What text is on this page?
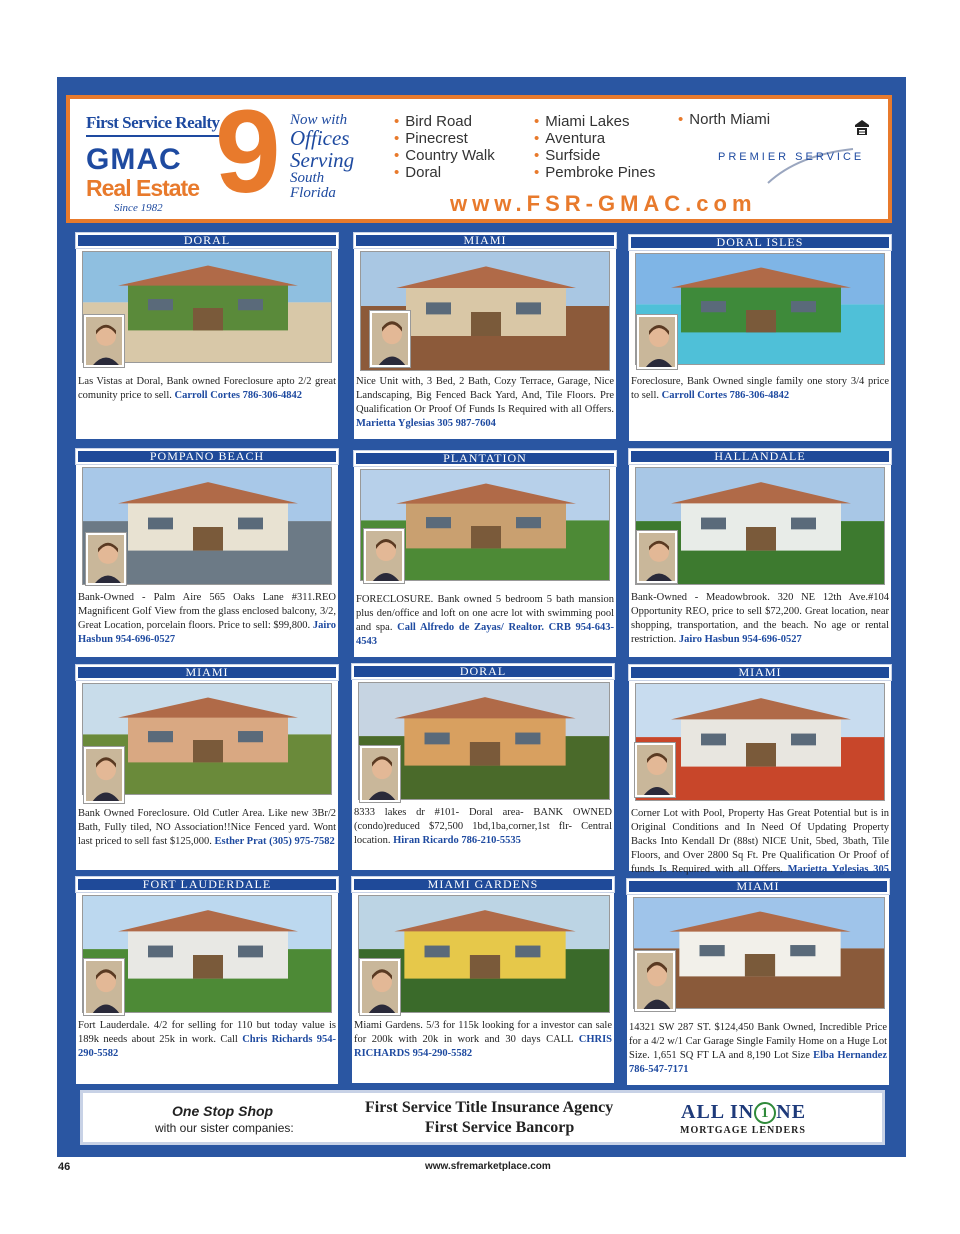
First Service Realty
GMAC
Real Estate
Since 1982 9 Now with
Offices
Serving
South
Florida
• Bird Road
• Pinecrest
• Country Walk
• Doral
• Miami Lakes
• Aventura
• Surfside
• Pembroke Pines
• North Miami
PREMIER SERVICE
www.FSR-GMAC.com
DORAL
Las Vistas at Doral, Bank owned Foreclosure apto 2/2 great comunity price to sell. Carroll Cortes 786-306-4842
MIAMI
Nice Unit with, 3 Bed, 2 Bath, Cozy Terrace, Garage, Nice Landscaping, Big Fenced Back Yard, And, Tile Floors. Pre Qualification Or Proof Of Funds Is Required with all Offers. Marietta Yglesias 305 987-7604
DORAL ISLES
Foreclosure, Bank Owned single family one story 3/4 price to sell. Carroll Cortes 786-306-4842
POMPANO BEACH
Bank-Owned - Palm Aire 565 Oaks Lane #311.REO Magnificent Golf View from the glass enclosed balcony, 3/2, Great Location, porcelain floors. Price to sell: $99,800. Jairo Hasbun 954-696-0527
PLANTATION
FORECLOSURE. Bank owned 5 bedroom 5 bath mansion plus den/office and loft on one acre lot with swimming pool and spa. Call Alfredo de Zayas/ Realtor. CRB 954-643-4543
HALLANDALE
Bank-Owned - Meadowbrook. 320 NE 12th Ave.#104 Opportunity REO, price to sell $72,200. Great location, near shopping, transportation, and the beach. No age or rental restriction. Jairo Hasbun 954-696-0527
MIAMI
Bank Owned Foreclosure. Old Cutler Area. Like new 3Br/2 Bath, Fully tiled, NO Association!!Nice Fenced yard. Wont last priced to sell fast $125,000. Esther Prat (305) 975-7582
DORAL
8333 lakes dr #101- Doral area- BANK OWNED (condo)reduced $72,500 1bd,1ba,corner,1st flr- Central location. Hiran Ricardo 786-210-5535
MIAMI
Corner Lot with Pool, Property Has Great Potential but is in Original Conditions and In Need Of Updating Property Backs Into Kendall Dr (88st) NICE Unit, 5bed, 3bath, Tile Floors, and Over 2800 Sq Ft. Pre Qualification Or Proof of funds Is Required with all Offers. Marietta Yglesias 305
FORT LAUDERDALE
Fort Lauderdale. 4/2 for selling for 110 but today value is 189k needs about 25k in work. Call Chris Richards 954-290-5582
MIAMI GARDENS
Miami Gardens. 5/3 for 115k looking for a investor can sale for 200k with 20k in work and 30 days CALL CHRIS RICHARDS 954-290-5582
MIAMI
14321 SW 287 ST. $124,450 Bank Owned, Incredible Price for a 4/2 w/1 Car Garage Single Family Home on a Huge Lot Size. 1,651 SQ FT LA and 8,190 Lot Size Elba Hernandez 786-547-7171
One Stop Shop
with our sister companies:
First Service Title Insurance Agency
First Service Bancorp
ALL IN 1 NE
MORTGAGE LENDERS
46	www.sfremarketplace.com
